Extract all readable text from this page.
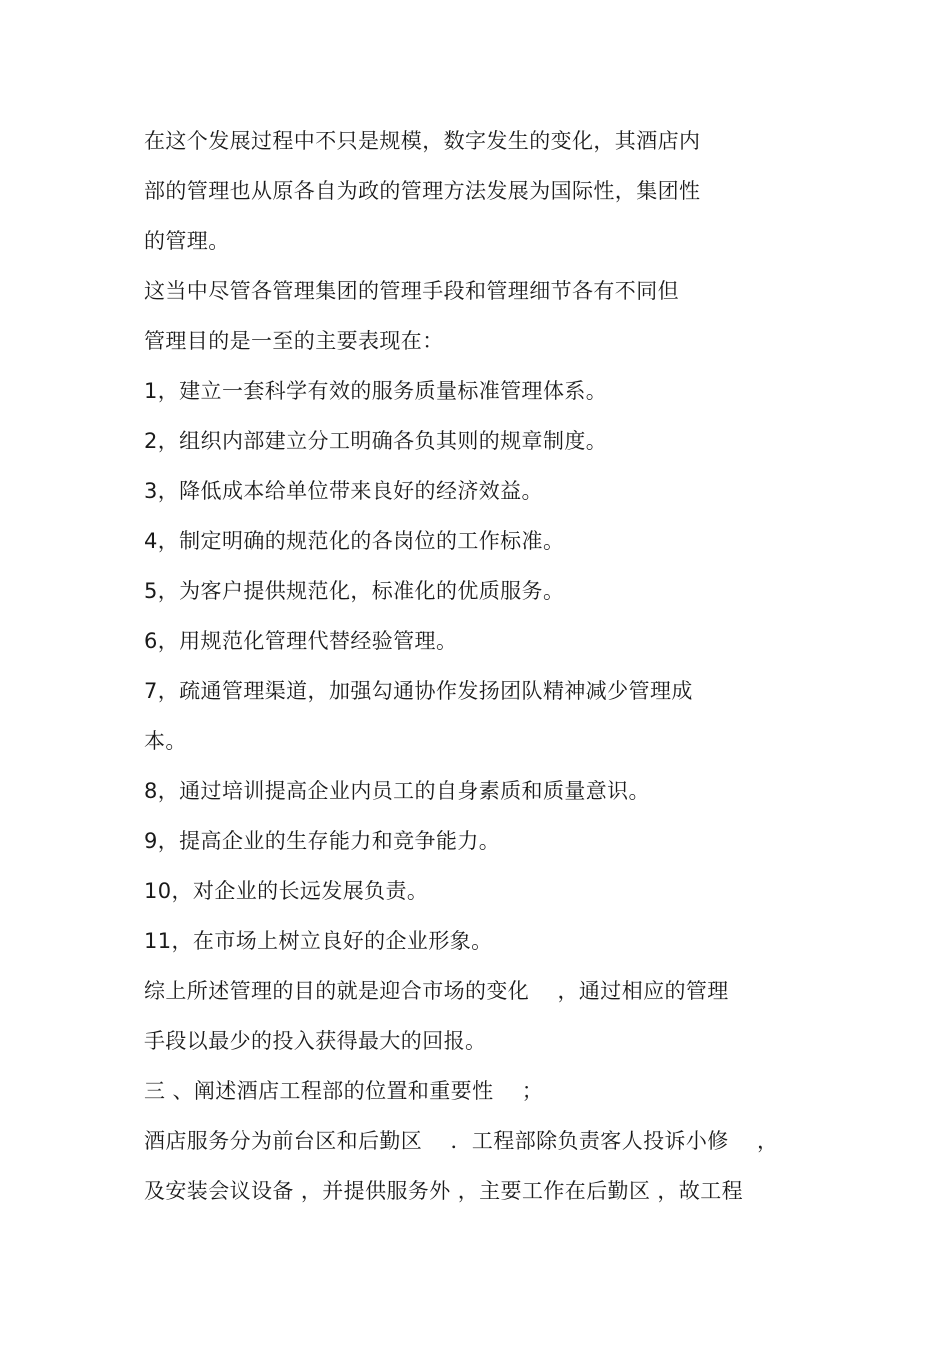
在这个发展过程中不只是规模，数字发生的变化，其酒店内
部的管理也从原各自为政的管理方法发展为国际性，集团性
的管理。
这当中尽管各管理集团的管理手段和管理细节各有不同但
管理目的是一至的主要表现在：
1，建立一套科学有效的服务质量标准管理体系。
2，组织内部建立分工明确各负其则的规章制度。
3，降低成本给单位带来良好的经济效益。
4，制定明确的规范化的各岗位的工作标准。
5，为客户提供规范化，标准化的优质服务。
6，用规范化管理代替经验管理。
7，疏通管理渠道，加强勾通协作发扬团队精神减少管理成
本。
8，通过培训提高企业内员工的自身素质和质量意识。
9，提高企业的生存能力和竞争能力。
10，对企业的长远发展负责。
11，在市场上树立良好的企业形象。
综上所述管理的目的就是迎合市场的变化    ，通过相应的管理
手段以最少的投入获得最大的回报。
三 、阐述酒店工程部的位置和重要性    ；
酒店服务分为前台区和后勤区    ．工程部除负责客人投诉小修    ，
及安装会议设备 ，并提供服务外 ，主要工作在后勤区 ，故工程
